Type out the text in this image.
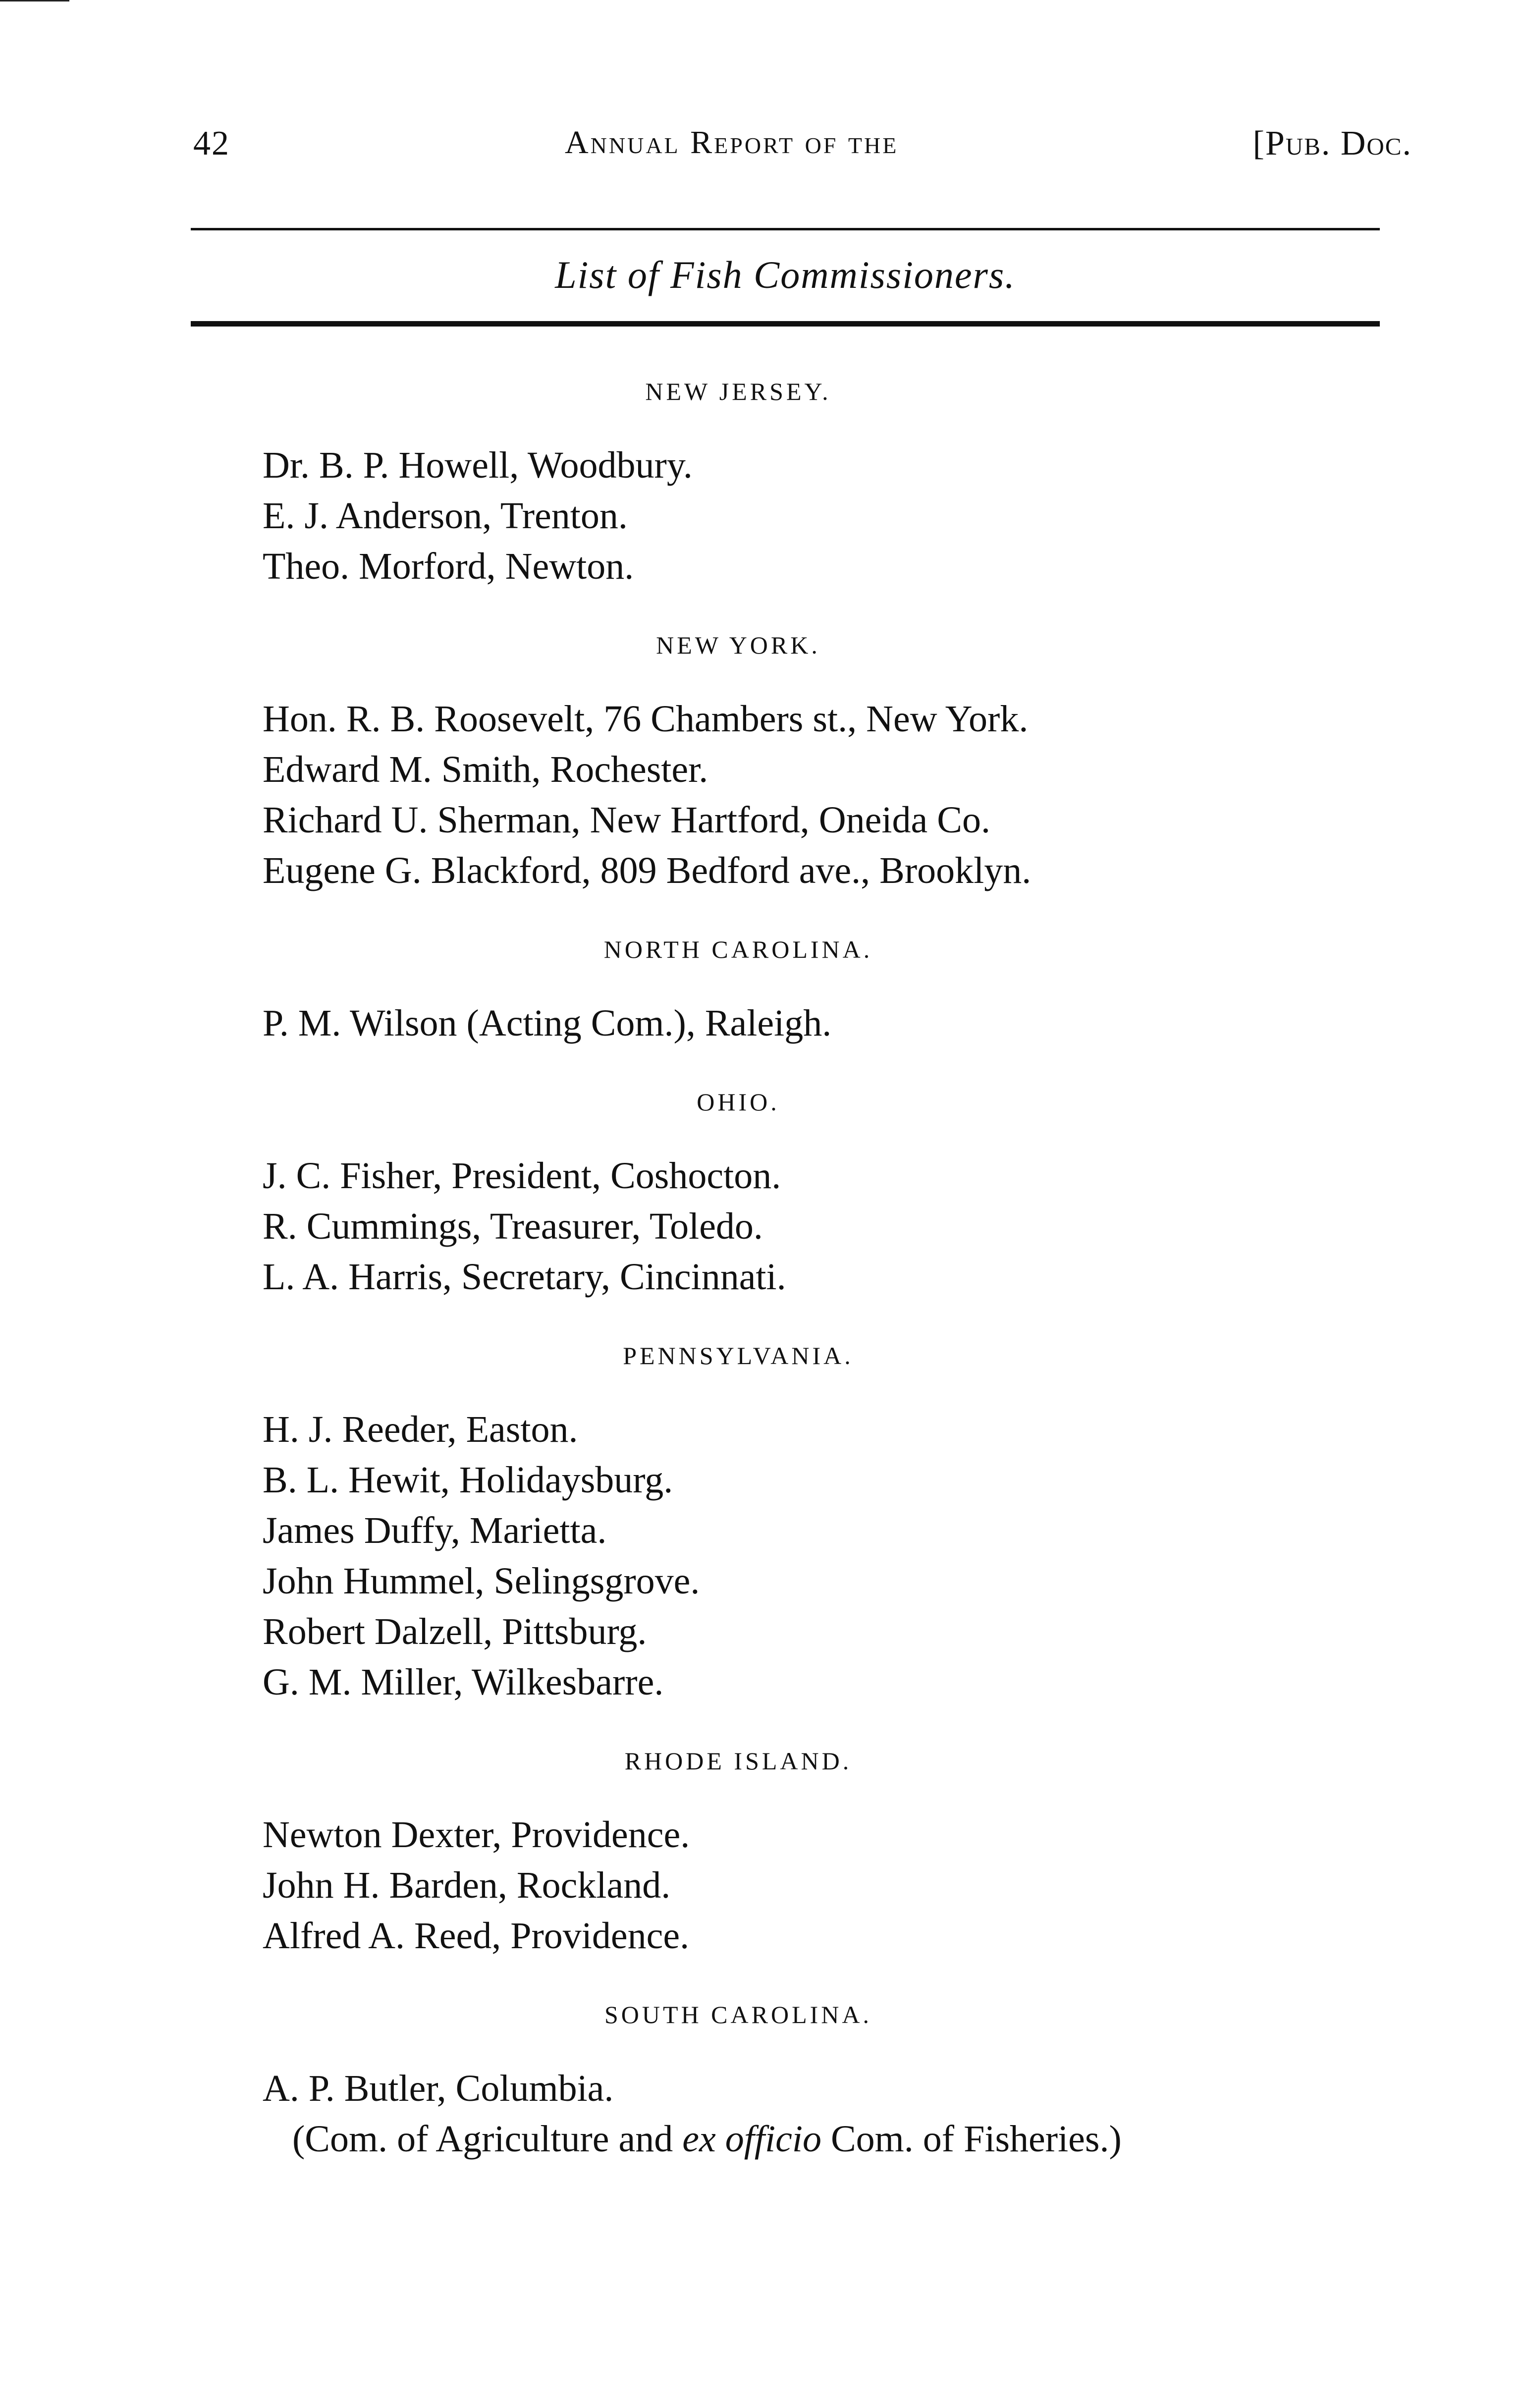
42	Annual Report of the	[Pub. Doc.
List of Fish Commissioners.
NEW JERSEY.
Dr. B. P. Howell, Woodbury.
E. J. Anderson, Trenton.
Theo. Morford, Newton.
NEW YORK.
Hon. R. B. Roosevelt, 76 Chambers st., New York.
Edward M. Smith, Rochester.
Richard U. Sherman, New Hartford, Oneida Co.
Eugene G. Blackford, 809 Bedford ave., Brooklyn.
NORTH CAROLINA.
P. M. Wilson (Acting Com.), Raleigh.
OHIO.
J. C. Fisher, President, Coshocton.
R. Cummings, Treasurer, Toledo.
L. A. Harris, Secretary, Cincinnati.
PENNSYLVANIA.
H. J. Reeder, Easton.
B. L. Hewit, Holidaysburg.
James Duffy, Marietta.
John Hummel, Selingsgrove.
Robert Dalzell, Pittsburg.
G. M. Miller, Wilkesbarre.
RHODE ISLAND.
Newton Dexter, Providence.
John H. Barden, Rockland.
Alfred A. Reed, Providence.
SOUTH CAROLINA.
A. P. Butler, Columbia.
(Com. of Agriculture and ex officio Com. of Fisheries.)
